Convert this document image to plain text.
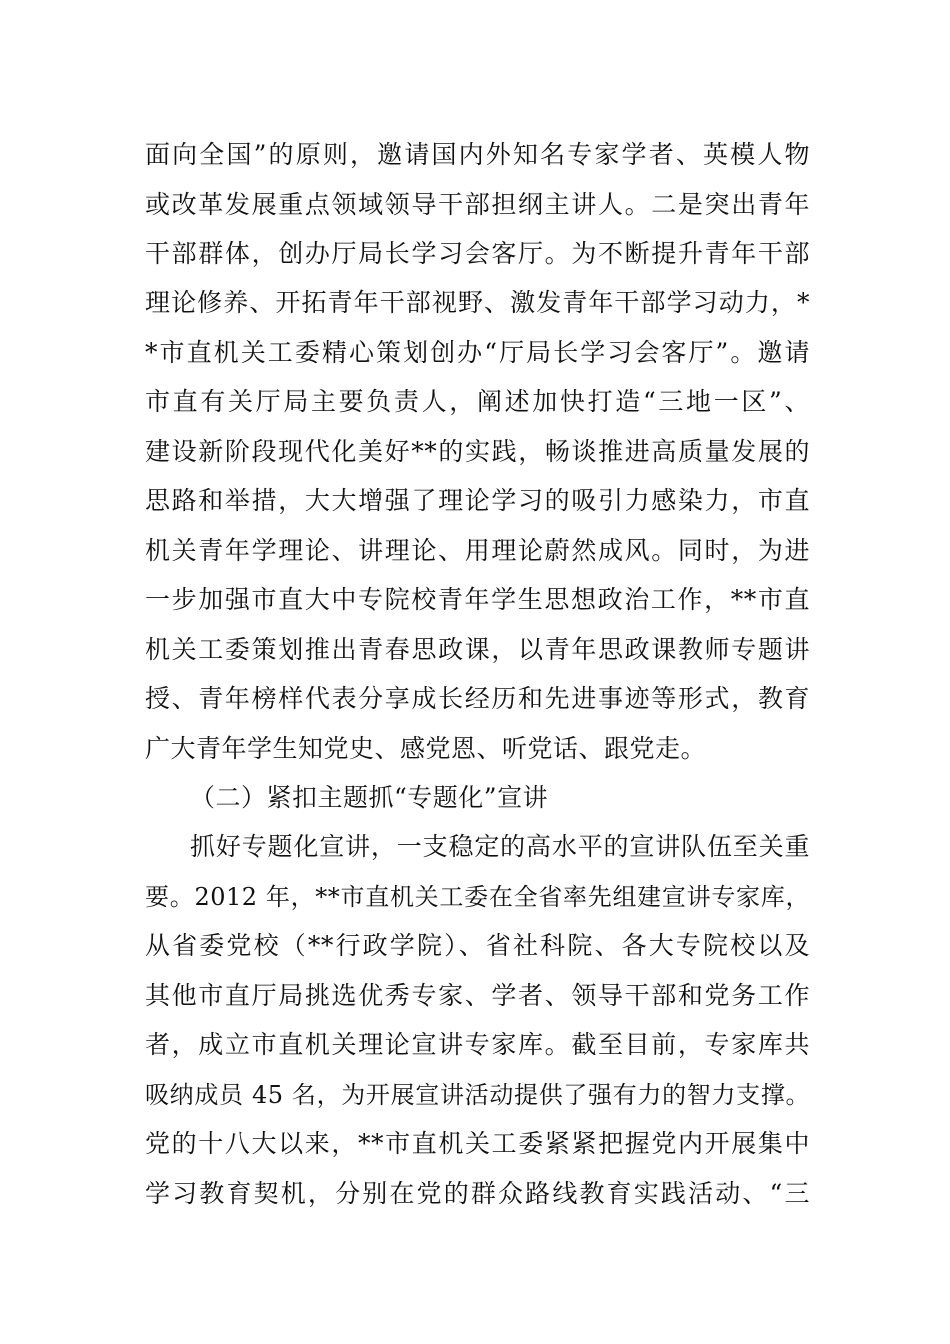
面向全国”的原则，邀请国内外知名专家学者、英模人物
或改革发展重点领域领导干部担纲主讲人。二是突出青年
干部群体，创办厅局长学习会客厅。为不断提升青年干部
理论修养、开拓青年干部视野、激发青年干部学习动力，*
*市直机关工委精心策划创办“厅局长学习会客厅”。邀请
市直有关厅局主要负责人，阐述加快打造“三地一区”、
建设新阶段现代化美好**的实践，畅谈推进高质量发展的
思路和举措，大大增强了理论学习的吸引力感染力，市直
机关青年学理论、讲理论、用理论蔚然成风。同时，为进
一步加强市直大中专院校青年学生思想政治工作，**市直
机关工委策划推出青春思政课，以青年思政课教师专题讲
授、青年榜样代表分享成长经历和先进事迹等形式，教育
广大青年学生知党史、感党恩、听党话、跟党走。
（二）紧扣主题抓“专题化”宣讲
抓好专题化宣讲，一支稳定的高水平的宣讲队伍至关重
要。2012 年，**市直机关工委在全省率先组建宣讲专家库，
从省委党校（**行政学院）、省社科院、各大专院校以及
其他市直厅局挑选优秀专家、学者、领导干部和党务工作
者，成立市直机关理论宣讲专家库。截至目前，专家库共
吸纳成员 45 名，为开展宣讲活动提供了强有力的智力支撑。
党的十八大以来，**市直机关工委紧紧把握党内开展集中
学习教育契机，分别在党的群众路线教育实践活动、“三
